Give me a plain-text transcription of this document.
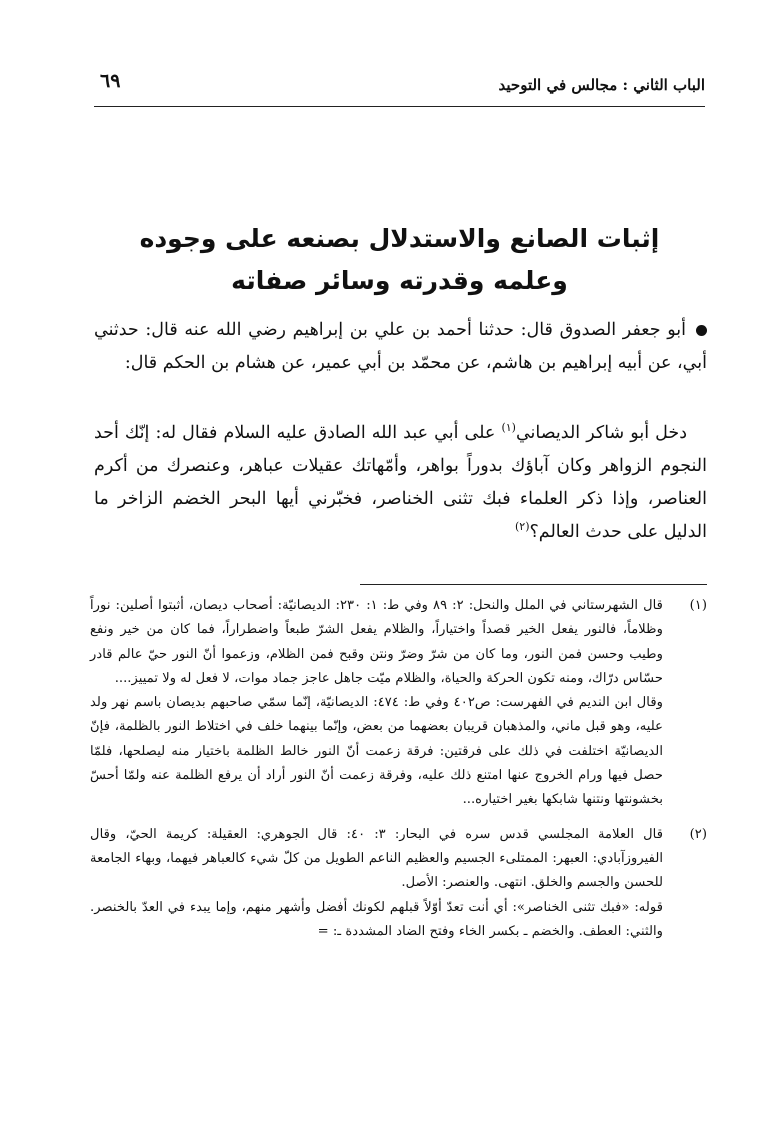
الباب الثاني : مجالس في التوحيد
٦٩
إثبات الصانع والاستدلال بصنعه على وجوده
وعلمه وقدرته وسائر صفاته
أبو جعفر الصدوق قال: حدثنا أحمد بن علي بن إبراهيم رضي الله عنه قال: حدثني أبي، عن أبيه إبراهيم بن هاشم، عن محمّد بن أبي عمير، عن هشام بن الحكم قال:
دخل أبو شاكر الديصاني$^{(١)}$ على أبي عبد الله الصادق عليه السلام فقال له: إنّك أحد النجوم الزواهر وكان آباؤك بدوراً بواهر، وأمّهاتك عقيلات عباهر، وعنصرك من أكرم العناصر، وإذا ذكر العلماء فبك تثنى الخناصر، فخبّرني أيها البحر الخضم الزاخر ما الدليل على حدث العالم؟$^{(٢)}$
(١)

قال الشهرستاني في الملل والنحل: ٢: ٨٩ وفي ط: ١: ٢٣٠: الديصانيّة: أصحاب ديصان، أثبتوا أصلين: نوراً وظلاماً، فالنور يفعل الخير قصداً واختياراً، والظلام يفعل الشرّ طبعاً واضطراراً، فما كان من خير ونفع وطيب وحسن فمن النور، وما كان من شرّ وضرّ ونتن وقبح فمن الظلام، وزعموا أنّ النور حيّ عالم قادر حسّاس درّاك، ومنه تكون الحركة والحياة، والظلام ميّت جاهل عاجز جماد موات، لا فعل له ولا تمييز....

وقال ابن النديم في الفهرست: ص٤٠٢ وفي ط: ٤٧٤: الديصانيّة، إنّما سمّي صاحبهم بديصان باسم نهر ولد عليه، وهو قبل ماني، والمذهبان قريبان بعضهما من بعض، وإنّما بينهما خلف في اختلاط النور بالظلمة، فإنّ الديصانيّة اختلفت في ذلك على فرقتين: فرقة زعمت أنّ النور خالط الظلمة باختيار منه ليصلحها، فلمّا حصل فيها ورام الخروج عنها امتنع ذلك عليه، وفرقة زعمت أنّ النور أراد أن يرفع الظلمة عنه ولمّا أحسّ بخشونتها ونتنها شابكها بغير اختياره...

(٢)

قال العلامة المجلسي قدس سره في البحار: ٣: ٤٠: قال الجوهري: العقيلة: كريمة الحيّ، وقال الفيروزآبادي: العبهر: الممتلىء الجسيم والعظيم الناعم الطويل من كلّ شيء كالعباهر فيهما، وبهاء الجامعة للحسن والجسم والخلق. انتهى. والعنصر: الأصل.

قوله: «فبك تثنى الخناصر»: أي أنت تعدّ أوّلاً قبلهم لكونك أفضل وأشهر منهم، وإما يبدء في العدّ بالخنصر. والثني: العطف. والخضم ـ بكسر الخاء وفتح الضاد المشددة ـ: =
